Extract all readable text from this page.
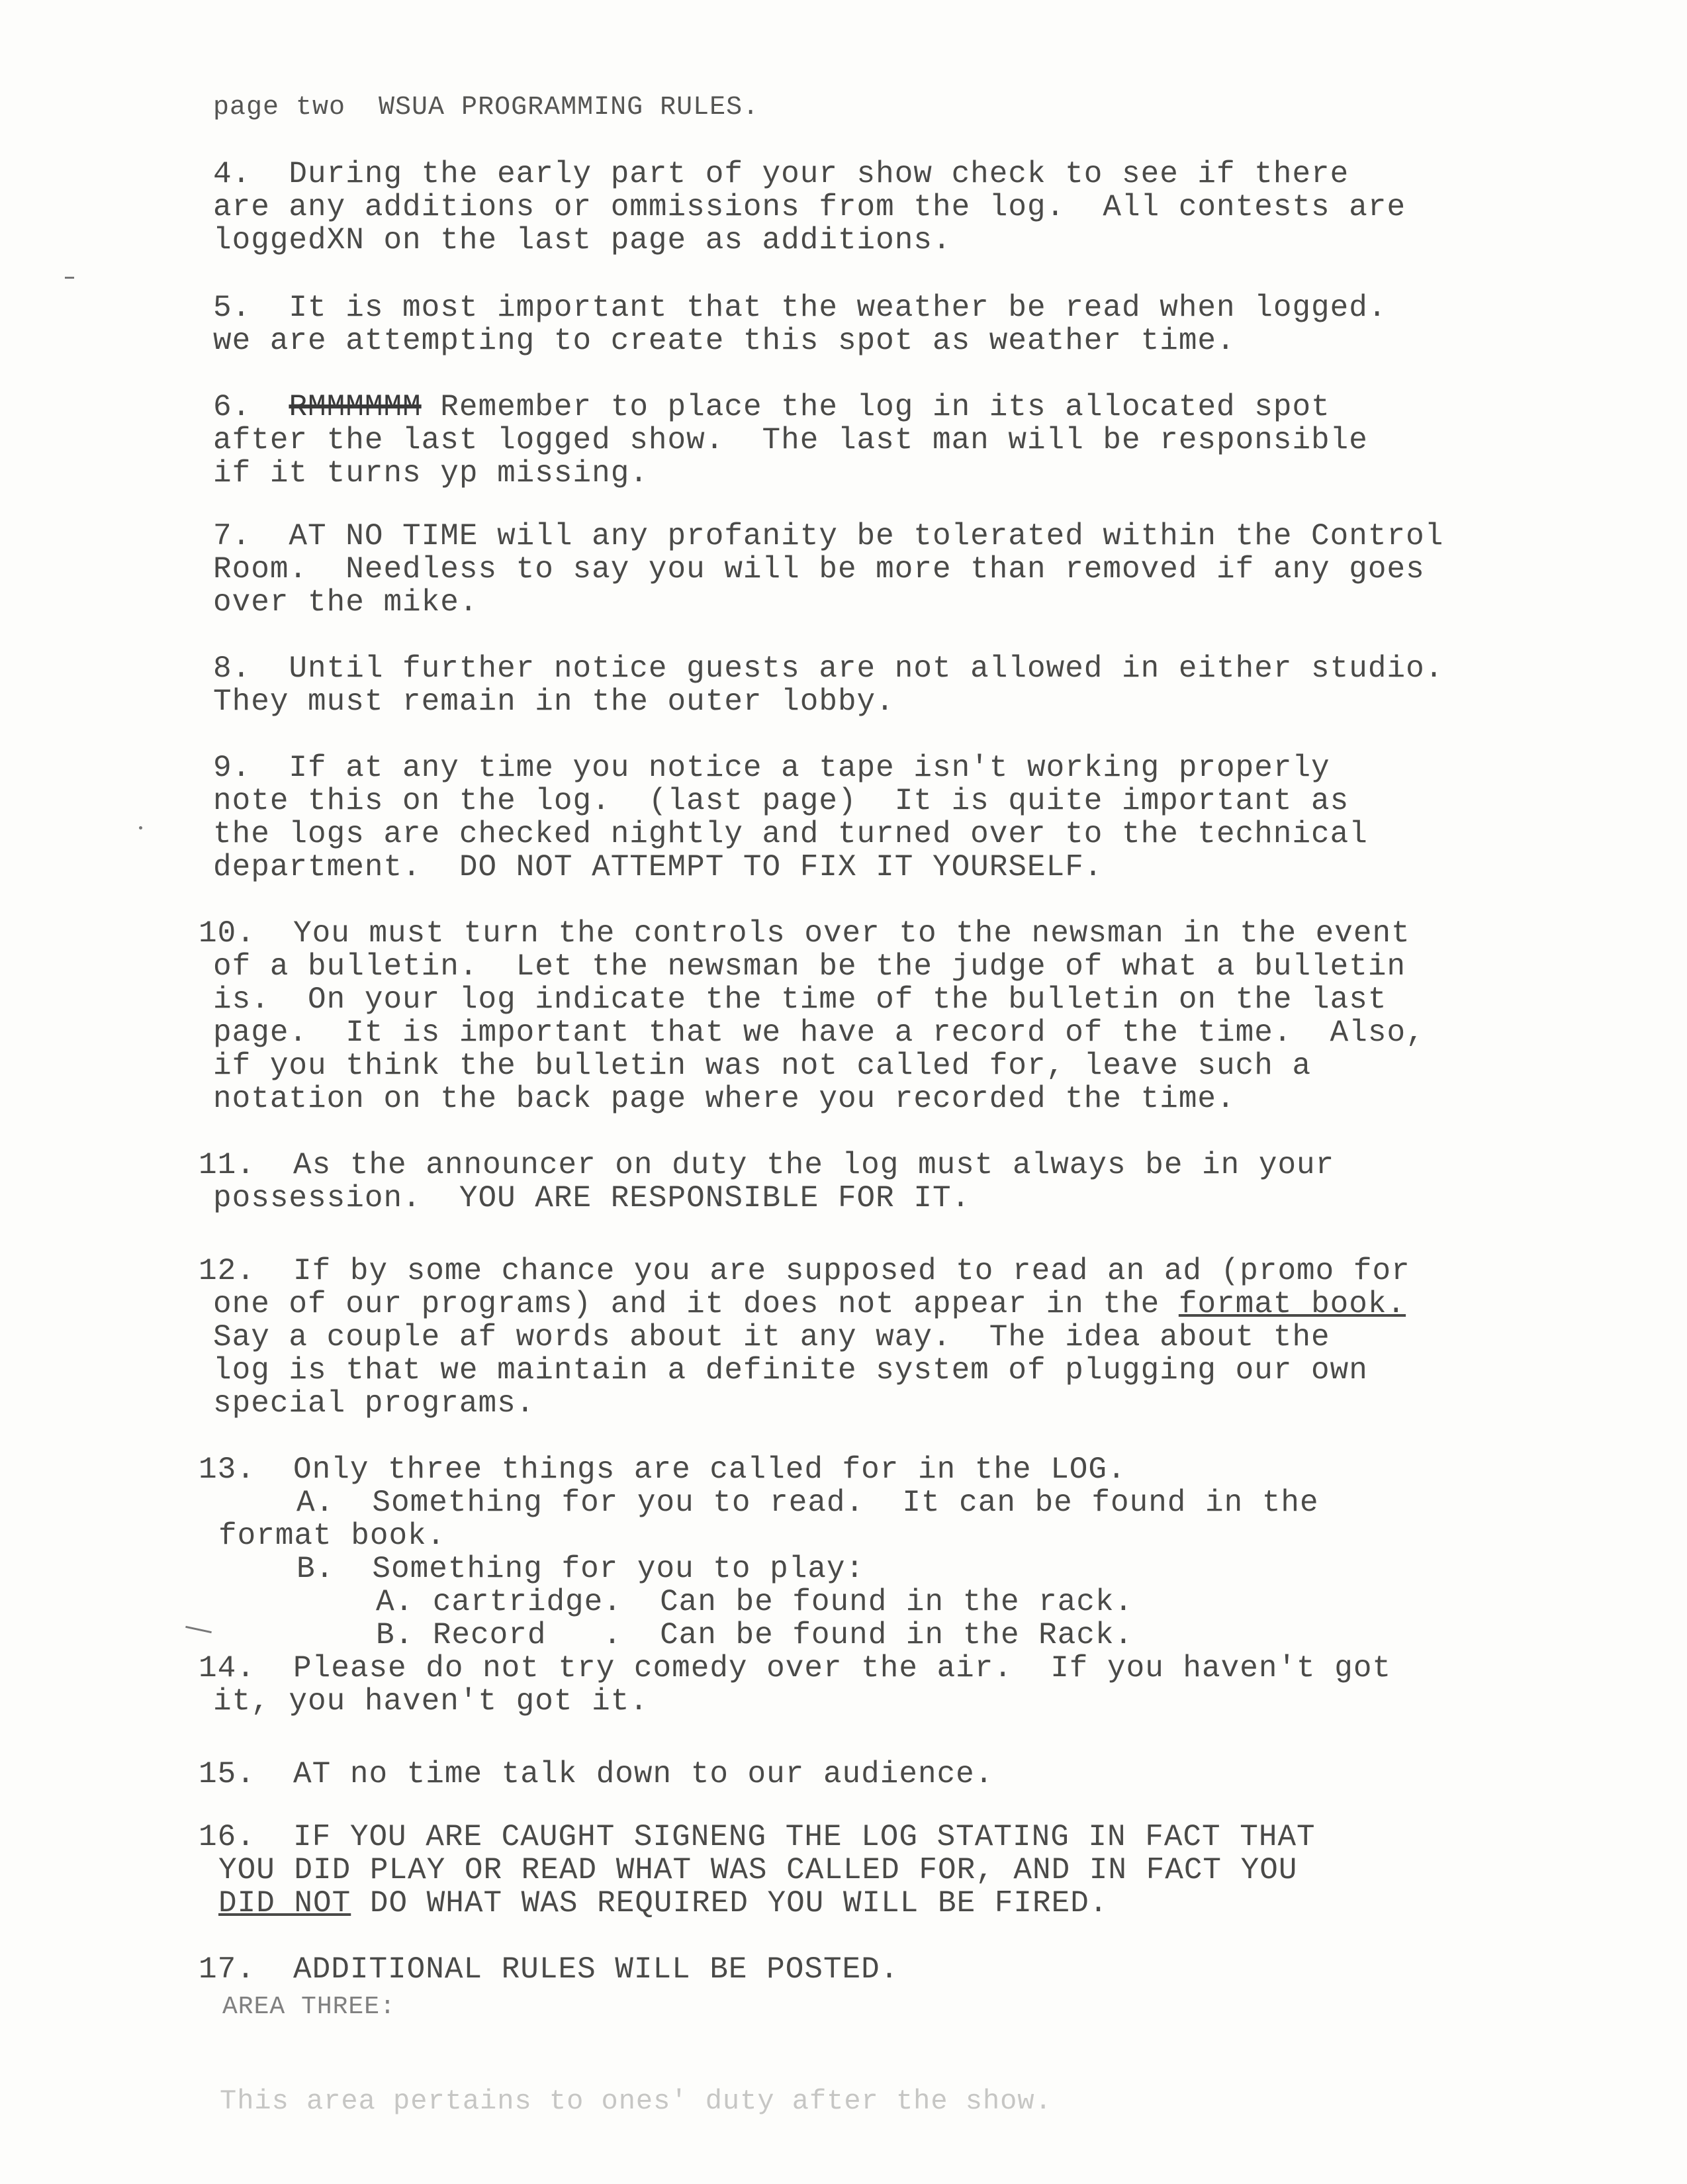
page two  WSUA PROGRAMMING RULES.
4.  During the early part of your show check to see if there
are any additions or ommissions from the log.  All contests are
loggedXN on the last page as additions.
5.  It is most important that the weather be read when logged.
we are attempting to create this spot as weather time.
6. RMMMMMM Remember to place the log in its allocated spot
after the last logged show.  The last man will be responsible
if it turns yp missing.
7.  AT NO TIME will any profanity be tolerated within the Control
Room.  Needless to say you will be more than removed if any goes
over the mike.
8.  Until further notice guests are not allowed in either studio.
They must remain in the outer lobby.
9.  If at any time you notice a tape isn't working properly
note this on the log.  (last page)  It is quite important as
the logs are checked nightly and turned over to the technical
department.  DO NOT ATTEMPT TO FIX IT YOURSELF.
10.  You must turn the controls over to the newsman in the event
of a bulletin.  Let the newsman be the judge of what a bulletin
is.  On your log indicate the time of the bulletin on the last
page.  It is important that we have a record of the time.  Also,
if you think the bulletin was not called for, leave such a
notation on the back page where you recorded the time.
11.  As the announcer on duty the log must always be in your
possession.  YOU ARE RESPONSIBLE FOR IT.
12.  If by some chance you are supposed to read an ad (promo for
one of our programs) and it does not appear in the format book.
Say a couple af words about it any way.  The idea about the
log is that we maintain a definite system of plugging our own
special programs.
13.  Only three things are called for in the LOG.
A.  Something for you to read.  It can be found in the
format book.
B.  Something for you to play:
A. cartridge.  Can be found in the rack.
B. Record   .  Can be found in the Rack.
14.  Please do not try comedy over the air.  If you haven't got
it, you haven't got it.
15.  AT no time talk down to our audience.
16.  IF YOU ARE CAUGHT SIGNENG THE LOG STATING IN FACT THAT
YOU DID PLAY OR READ WHAT WAS CALLED FOR, AND IN FACT YOU
DID NOT DO WHAT WAS REQUIRED YOU WILL BE FIRED.
17.  ADDITIONAL RULES WILL BE POSTED.
AREA THREE:
This area pertains to ones' duty after the show.
